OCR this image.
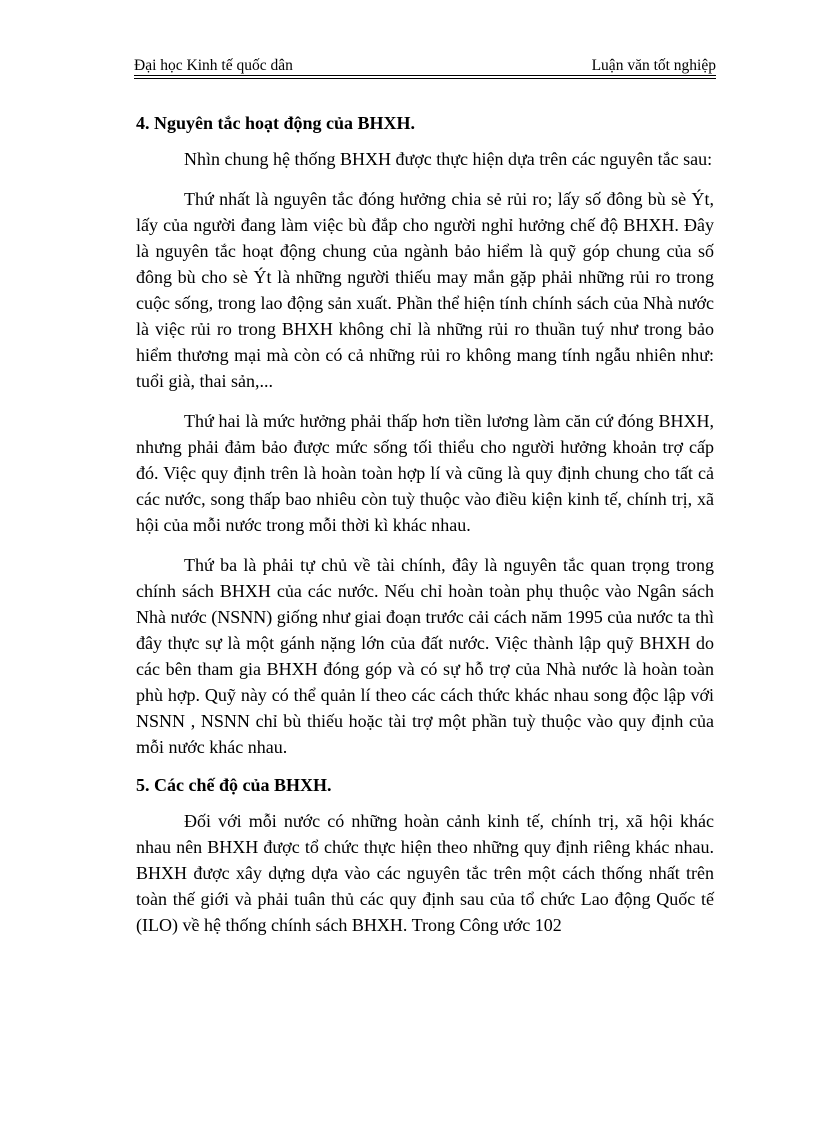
Đại học Kinh tế quốc dân	Luận văn tốt nghiệp
4. Nguyên tắc hoạt động của BHXH.

Nhìn chung hệ thống BHXH được thực hiện dựa trên các nguyên tắc sau:

Thứ nhất là nguyên tắc đóng hưởng chia sẻ rủi ro; lấy số đông bù sè Ýt, lấy của người đang làm việc bù đắp cho người nghỉ hưởng chế độ BHXH. Đây là nguyên tắc hoạt động chung của ngành bảo hiểm là quỹ góp chung của số đông bù cho sè Ýt là những người thiếu may mắn gặp phải những rủi ro trong cuộc sống, trong lao động sản xuất. Phần thể hiện tính chính sách của Nhà nước là việc rủi ro trong BHXH không chỉ là những rủi ro thuần tuý như trong bảo hiểm thương mại mà còn có cả những rủi ro không mang tính ngẫu nhiên như: tuổi già, thai sản,...

Thứ hai là mức hưởng phải thấp hơn tiền lương làm căn cứ đóng BHXH, nhưng phải đảm bảo được mức sống tối thiểu cho người hưởng khoản trợ cấp đó. Việc quy định trên là hoàn toàn hợp lí và cũng là quy định chung cho tất cả các nước, song thấp bao nhiêu còn tuỳ thuộc vào điều kiện kinh tế, chính trị, xã hội của mỗi nước trong mỗi thời kì khác nhau.

Thứ ba là phải tự chủ về tài chính, đây là nguyên tắc quan trọng trong chính sách BHXH của các nước. Nếu chỉ hoàn toàn phụ thuộc vào Ngân sách Nhà nước (NSNN) giống như giai đoạn trước cải cách năm 1995 của nước ta thì đây thực sự là một gánh nặng lớn của đất nước. Việc thành lập quỹ BHXH do các bên tham gia BHXH đóng góp và có sự hỗ trợ của Nhà nước là hoàn toàn phù hợp. Quỹ này có thể quản lí theo các cách thức khác nhau song độc lập với NSNN , NSNN chỉ bù thiếu hoặc tài trợ một phần tuỳ thuộc vào quy định của mỗi nước khác nhau.

5. Các chế độ của BHXH.

Đối với mỗi nước có những hoàn cảnh kinh tế, chính trị, xã hội khác nhau nên BHXH được tổ chức thực hiện theo những quy định riêng khác nhau. BHXH được xây dựng dựa vào các nguyên tắc trên một cách thống nhất trên toàn thế giới và phải tuân thủ các quy định sau của tổ chức Lao động Quốc tế (ILO) về hệ thống chính sách BHXH. Trong Công ước 102
